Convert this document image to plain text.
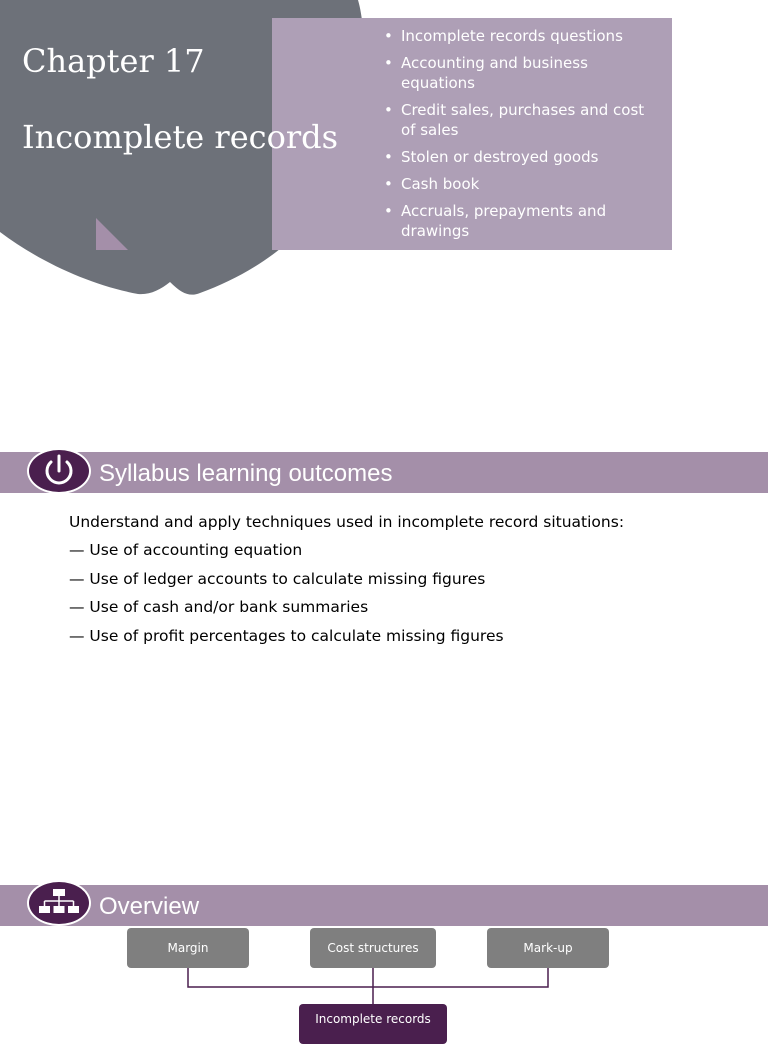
Chapter 17
Incomplete records
• Incomplete records questions
• Accounting and business equations
• Credit sales, purchases and cost of sales
• Stolen or destroyed goods
• Cash book
• Accruals, prepayments and drawings
Syllabus learning outcomes
Understand and apply techniques used in incomplete record situations:
— Use of accounting equation
— Use of ledger accounts to calculate missing figures
— Use of cash and/or bank summaries
— Use of profit percentages to calculate missing figures
Overview
Margin	Cost structures	Mark-up
Incomplete records
